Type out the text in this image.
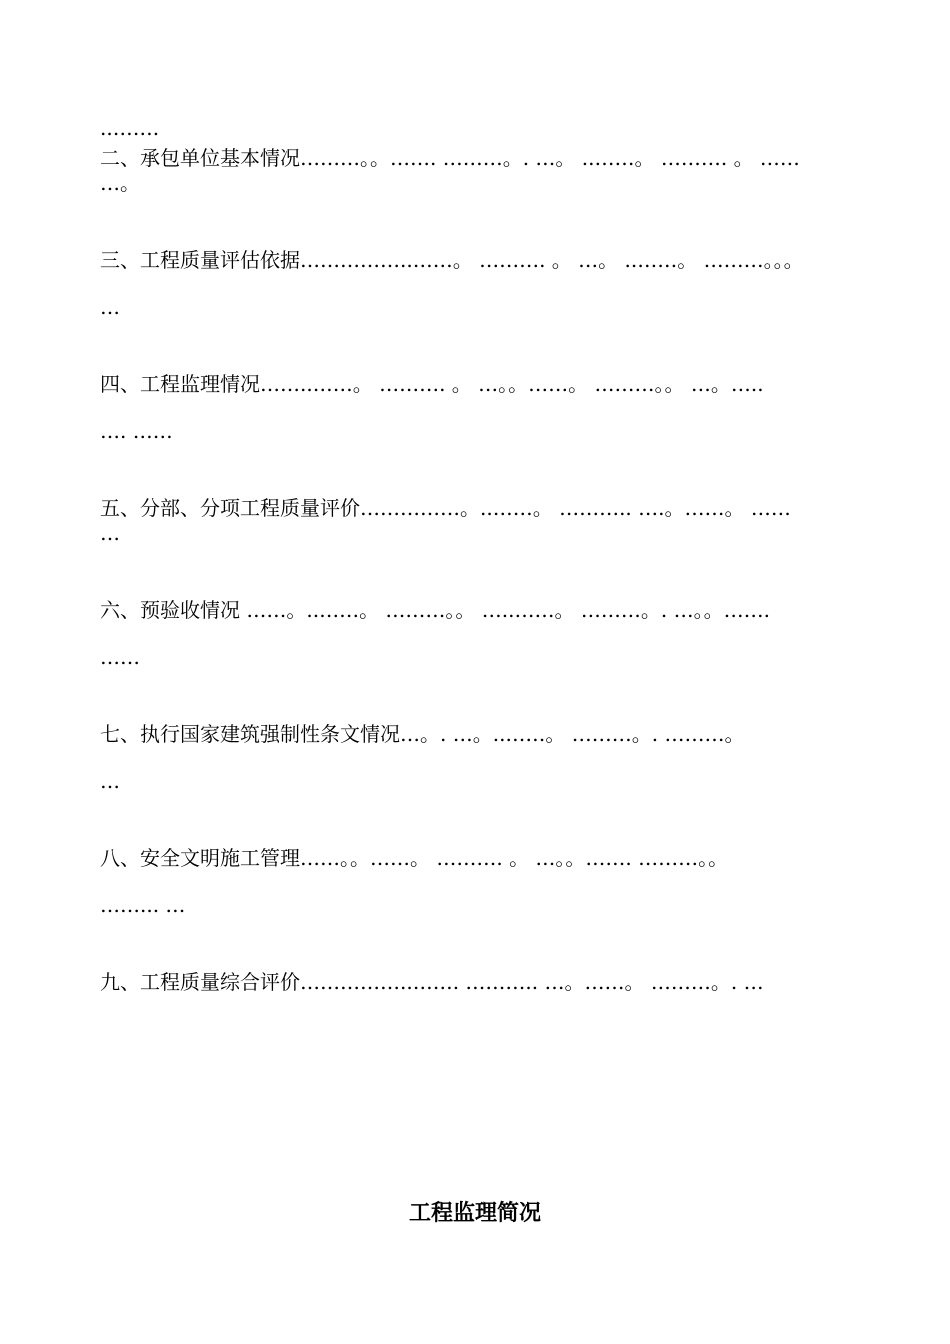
..…….
二、承包单位基本情况………。。……. ………。. …。 ..……。 ………. 。 ……
…。
三、工程质量评估依据……………..……。 ………. 。 …。 ..……。 ………。。。
…
四、工程监理情况……..……。 ………. 。 …。。……。 ………。。 …。…..
…. ……
五、分部、分项工程质量评价……………。..……。 ……….. ….。……。 ……
…
六、预验收情况 ……。..……。 ………。。 …..……。 ………。. …。。…….
……
七、执行国家建筑强制性条文情况…。. …。..……。 ………。. ………。
…
八、安全文明施工管理……。。……。 ………. 。 …。。……. ………。。
……... …
九、工程质量综合评价……………..……. ……….. …。……。 ………。. …
工程监理简况
